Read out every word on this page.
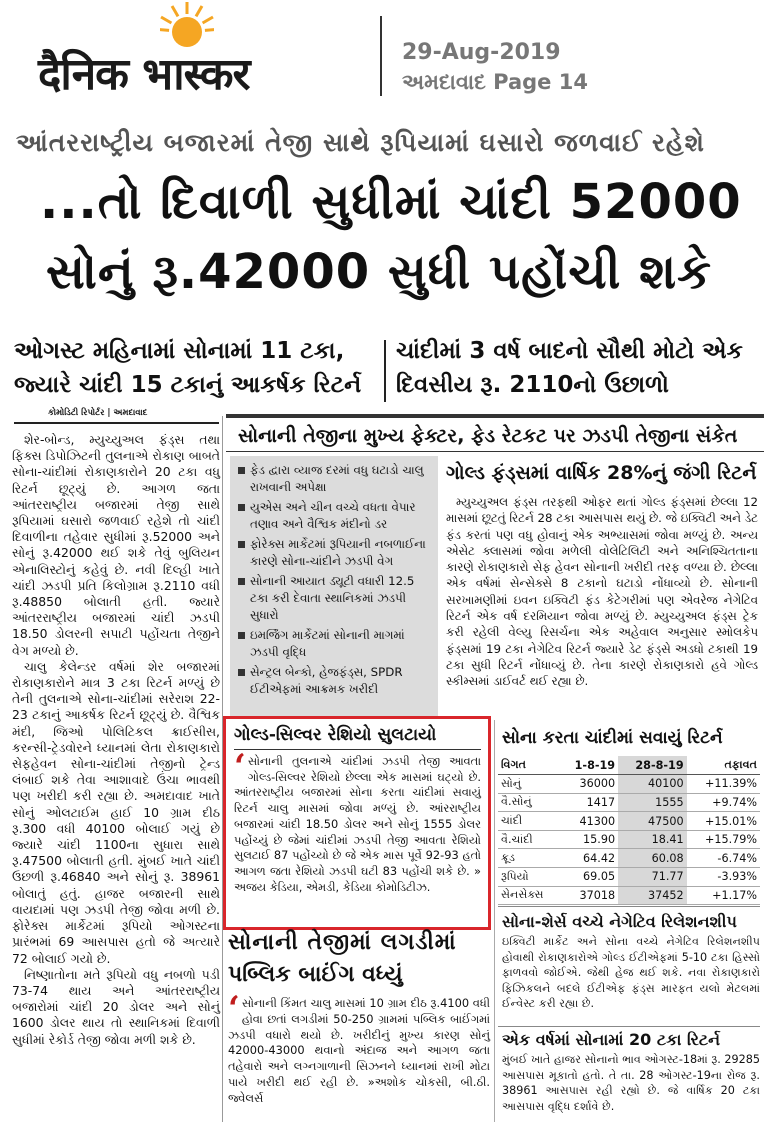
दैनिक भास्कर	29-Aug-2019
અમદાવાદ Page 14
આંતરરાષ્ટ્રીય બજારમાં તેજી સાથે રૂપિયામાં ઘસારો જળવાઈ રહેશે
...તો દિવાળી સુધીમાં ચાંદી 52000
સોનું રૂ.42000 સુધી પહોંચી શકે
ઓગસ્ટ મહિનામાં સોનામાં 11 ટકા,
જ્યારે ચાંદી 15 ટકાનું આકર્ષક રિટર્ન
ચાંદીમાં 3 વર્ષ બાદનો સૌથી મોટો એક
દિવસીય રૂ. 2110નો ઉછાળો
કોમોડિટી રિપોર્ટર | અમદાવાદ

શેર-બોન્ડ, મ્યુચ્યુઅલ ફંડ્સ તથા ફિક્સ ડિપોઝિટની તુલનાએ રોકાણ બાબતે સોના-ચાંદીમાં રોકાણકારોને 20 ટકા વધુ રિટર્ન છૂટ્યું છે. આગળ જતા આંતરરાષ્ટ્રીય બજારમાં તેજી સાથે રૂપિયામાં ઘસારો જળવાઈ રહેશે તો ચાંદી દિવાળીના તહેવાર સુધીમાં રૂ.52000 અને સોનું રૂ.42000 થઈ શકે તેવું બુલિયન એનાલિસ્ટોનું કહેવું છે. નવી દિલ્હી ખાતે ચાંદી ઝડપી પ્રતિ કિલોગ્રામ રૂ.2110 વધી રૂ.48850 બોલાતી હતી. જ્યારે આંતરરાષ્ટ્રીય બજારમાં ચાંદી ઝડપી 18.50 ડોલરની સપાટી પહોંચતા તેજીને વેગ મળ્યો છે.

ચાલુ કેલેન્ડર વર્ષમાં શેર બજારમાં રોકાણકારોને માત્ર 3 ટકા રિટર્ન મળ્યું છે તેની તુલનાએ સોના-ચાંદીમાં સરેરાશ 22-23 ટકાનું આકર્ષક રિટર્ન છૂટ્યું છે. વૈશ્વિક મંદી, જિઓ પોલિટિકલ ક્રાઈસીસ, કરન્સી-ટ્રેડવોરને ધ્યાનમાં લેતા રોકાણકારો સેફહેવન સોના-ચાંદીમાં તેજીનો ટ્રેન્ડ લંબાઈ શકે તેવા આશાવાદે ઉંચા ભાવથી પણ ખરીદી કરી રહ્યા છે. અમદાવાદ ખાતે સોનું ઓલટાઈમ હાઈ 10 ગ્રામ દીઠ રૂ.300 વધી 40100 બોલાઈ ગયું છે જ્યારે ચાંદી 1100ના સુધારા સાથે રૂ.47500 બોલાતી હતી. મુંબઈ ખાતે ચાંદી ઉછળી રૂ.46840 અને સોનું રૂ. 38961 બોલાતું હતું. હાજર બજારની સાથે વાયદામાં પણ ઝડપી તેજી જોવા મળી છે. ફોરેક્સ માર્કેટમાં રૂપિયો ઓગસ્ટના પ્રારંભમાં 69 આસપાસ હતો જે અત્યારે 72 બોલાઈ ગયો છે.

નિષ્ણાતોના મતે રૂપિયો વધુ નબળો પડી 73-74 થાય અને આંતરરાષ્ટ્રીય બજારોમાં ચાંદી 20 ડોલર અને સોનું 1600 ડોલર થાય તો સ્થાનિકમાં દિવાળી સુધીમાં રેકોર્ડ તેજી જોવા મળી શકે છે.

સોનાની તેજીના મુખ્ય ફેક્ટર, ફેડ રેટકટ પર ઝડપી તેજીના સંકેત
ફેડ દ્વારા વ્યાજ દરમાં વધુ ઘટાડો ચાલુ રાખવાની અપેક્ષા
યુએસ અને ચીન વચ્ચે વધતા વેપાર તણાવ અને વૈશ્વિક મંદીનો ડર
ફોરેક્સ માર્કેટમાં રૂપિયાની નબળાઈના કારણે સોના-ચાંદીને ઝડપી વેગ
સોનાની આયાત ડ્યૂટી વધારી 12.5 ટકા કરી દેવાતા સ્થાનિકમાં ઝડપી સુધારો
ઇમર્જિંગ માર્કેટમાં સોનાની માગમાં ઝડપી વૃદ્ધિ
સેન્ટ્રલ બેન્કો, હેજફંડ્સ, SPDR ઈટીએફમાં આક્રમક ખરીદી
ગોલ્ડ ફંડ્સમાં વાર્ષિક 28%નું જંગી રિટર્ન

મ્યુચ્યુઅલ ફંડ્સ તરફથી ઓફર થતાં ગોલ્ડ ફંડ્સમાં છેલ્લા 12 માસમાં છૂટતું રિટર્ન 28 ટકા આસપાસ થયું છે. જે ઇક્વિટી અને ડેટ ફંડ કરતાં પણ વધુ હોવાનું એક અભ્યાસમાં જોવા મળ્યું છે. અન્ય એસેટ ક્લાસમાં જોવા મળેલી વોલેટિલિટી અને અનિશ્ચિતતાના કારણે રોકાણકારો સેફ હેવન સોનાની ખરીદી તરફ વળ્યા છે. છેલ્લા એક વર્ષમાં સેન્સેક્સે 8 ટકાનો ઘટાડો નોંધાવ્યો છે. સોનાની સરખામણીમાં ઇવન ઇક્વિટી ફંડ કેટેગરીમાં પણ એવરેજ નેગેટિવ રિટર્ન એક વર્ષ દરમિયાન જોવા મળ્યું છે. મ્યુચ્યુઅલ ફંડ્સ ટ્રેક કરી રહેલી વેલ્યુ રિસર્ચના એક અહેવાલ અનુસાર સ્મોલકેપ ફંડ્સમાં 19 ટકા નેગેટિવ રિટર્ન જ્યારે ડેટ ફંડ્સે અડધો ટકાથી 19 ટકા સુધી રિટર્ન નોંધાવ્યું છે. તેના કારણે રોકાણકારો હવે ગોલ્ડ સ્કીમ્સમાં ડાઈવર્ટ થઈ રહ્યા છે.

ગોલ્ડ-સિલ્વર રેશિયો સુલટાયો
‘ સોનાની તુલનાએ ચાંદીમાં ઝડપી તેજી આવતા ગોલ્ડ-સિલ્વર રેશિયો છેલ્લા એક માસમાં ઘટ્યો છે. આંતરરાષ્ટ્રીય બજારમાં સોના કરતા ચાંદીમાં સવાયું રિટર્ન ચાલુ માસમાં જોવા મળ્યું છે. આંરરાષ્ટ્રીય બજારમાં ચાંદી 18.50 ડોલર અને સોનું 1555 ડોલર પહોંચ્યું છે જેમાં ચાંદીમાં ઝડપી તેજી આવતા રેશિયો સુલટાઈ 87 પહોંચ્યો છે જે એક માસ પૂર્વે 92-93 હતો આગળ જતા રેશિયો ઝડપી ઘટી 83 પહોંચી શકે છે. » અજય કેડિયા, એમડી, કેડિયા કોમોડિટીઝ.
સોના કરતા ચાંદીમાં સવાયું રિટર્ન
વિગત	1-8-19	28-8-19	તફાવત
સોનું	36000	40100	+11.39%
વૈ.સોનું	1417	1555	+9.74%
ચાંદી	41300	47500	+15.01%
વૈ.ચાંદી	15.90	18.41	+15.79%
ક્રૂડ	64.42	60.08	-6.74%
રૂપિયો	69.05	71.77	-3.93%
સેનસેક્સ	37018	37452	+1.17%
સોનાની તેજીમાં લગડીમાં
પબ્લિક બાઈંગ વધ્યું
‘ સોનાની કિંમત ચાલુ માસમાં 10 ગ્રામ દીઠ રૂ.4100 વધી હોવા છતાં લગડીમાં 50-250 ગ્રામમાં પબ્લિક બાઈંગમાં ઝડપી વધારો થયો છે. ખરીદીનું મુખ્ય કારણ સોનું 42000-43000 થવાનો અંદાજ અને આગળ જતા તહેવારો અને લગ્નગાળાની સિઝનને ધ્યાનમાં રાખી મોટા પાયે ખરીદી થઈ રહી છે. »અશોક ચોકસી, બી.ઠી. જ્વેલર્સ
સોના-શેર્સ વચ્ચે નેગેટિવ રિલેશનશીપ
ઇક્વિટી માર્કેટ અને સોના વચ્ચે નેગેટિવ રિલેશનશીપ હોવાથી રોકાણકારોએ ગોલ્ડ ઈટીએફમાં 5-10 ટકા હિસ્સો ફાળવવો જોઈએ. જેથી હેજ થઈ શકે. નવા રોકાણકારો ફિઝિકલને બદલે ઈટીએફ ફંડ્સ મારફત યલો મેટલમાં ઈન્વેસ્ટ કરી રહ્યા છે.
એક વર્ષમાં સોનામાં 20 ટકા રિટર્ન
મુંબઈ ખાતે હાજર સોનાનો ભાવ ઓગસ્ટ-18માં રૂ. 29285 આસપાસ મૂકાતો હતો. તે તા. 28 ઓગસ્ટ-19ના રોજ રૂ. 38961 આસપાસ રહી રહ્યો છે. જે વાર્ષિક 20 ટકા આસપાસ વૃદ્ધિ દર્શાવે છે.
